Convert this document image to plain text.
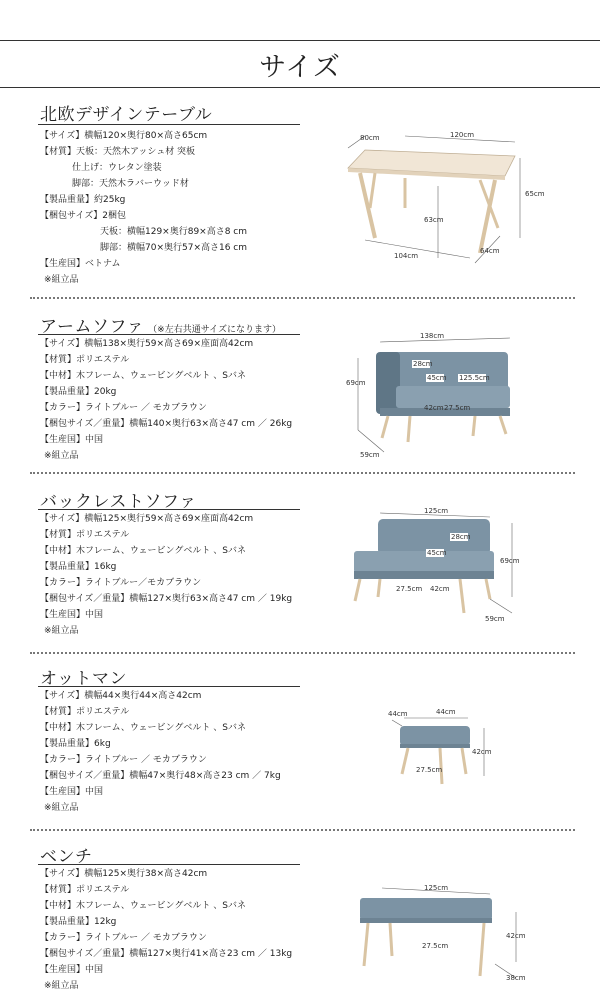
サイズ
北欧デザインテーブル
【サイズ】横幅120×奥行80×高さ65cm
【材質】天板：天然木アッシュ材 突板
仕上げ：ウレタン塗装
脚部：天然木ラバーウッド材
【製品重量】約25kg
【梱包サイズ】2梱包
天板：横幅129×奥行89×高さ8 cm
脚部：横幅70×奥行57×高さ16 cm
【生産国】ベトナム
※組立品
80cm	120cm
65cm
63cm
104cm
64cm
アームソファ （※左右共通サイズになります）
【サイズ】横幅138×奥行59×高さ69×座面高42cm
【材質】ポリエステル
【中材】木フレーム、ウェービングベルト 、Sバネ
【製品重量】20kg
【カラー】ライトブルー ／ モカブラウン
【梱包サイズ／重量】横幅140×奥行63×高さ47 cm ／ 26kg
【生産国】中国
※組立品
138cm
28cm
45cm 125.5cm
69cm
42cm 27.5cm
59cm
バックレストソファ
【サイズ】横幅125×奥行59×高さ69×座面高42cm
【材質】ポリエステル
【中材】木フレーム、ウェービングベルト 、Sバネ
【製品重量】16kg
【カラー】ライトブルー／モカブラウン
【梱包サイズ／重量】横幅127×奥行63×高さ47 cm ／ 19kg
【生産国】中国
※組立品
125cm
28cm
45cm
69cm
27.5cm 42cm
59cm
オットマン
【サイズ】横幅44×奥行44×高さ42cm
【材質】ポリエステル
【中材】木フレーム、ウェービングベルト 、Sバネ
【製品重量】6kg
【カラー】ライトブルー ／ モカブラウン
【梱包サイズ／重量】横幅47×奥行48×高さ23 cm ／ 7kg
【生産国】中国
※組立品
44cm	44cm
42cm
27.5cm
ベンチ
【サイズ】横幅125×奥行38×高さ42cm
【材質】ポリエステル
【中材】木フレーム、ウェービングベルト 、Sバネ
【製品重量】12kg
【カラー】ライトブルー ／ モカブラウン
【梱包サイズ／重量】横幅127×奥行41×高さ23 cm ／ 13kg
【生産国】中国
※組立品
125cm
27.5cm
42cm
38cm
